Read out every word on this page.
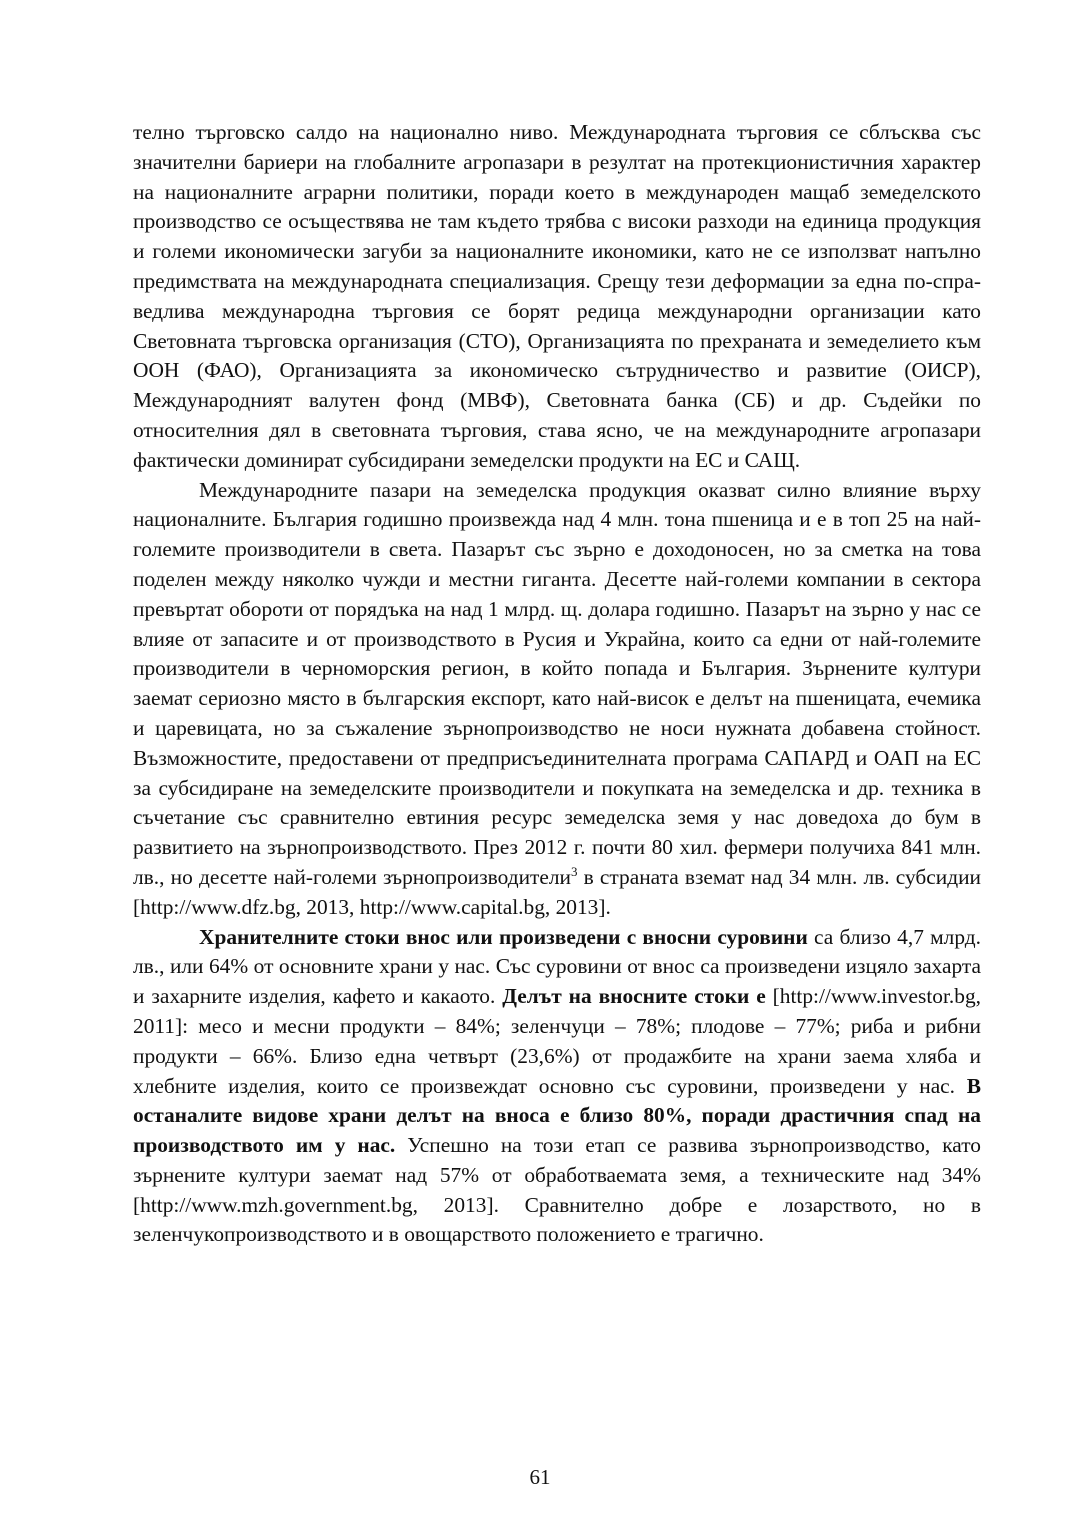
телно търговско салдо на национално ниво. Международната търговия се сблъсква със значителни бариери на глобалните агропазари в резултат на протекционистичния характер на националните аграрни политики, поради което в международен мащаб земеделското производство се осъществява не там където трябва с високи разходи на единица продукция и големи икономически загуби за националните икономики, като не се използват напълно предимствата на международната специализация. Срещу тези деформации за една по-справедлива международна търговия се борят редица международни организации като Световната търговска организация (СТО), Организацията по прехраната и земеделието към ООН (ФАО), Организацията за икономическо сътрудничество и развитие (ОИСР), Международният валутен фонд (МВФ), Световната банка (СБ) и др. Съдейки по относителния дял в световната търговия, става ясно, че на международните агропазари фактически доминират субсидирани земеделски продукти на ЕС и САЩ.

Международните пазари на земеделска продукция оказват силно влияние върху националните. България годишно произвежда над 4 млн. тона пшеница и е в топ 25 на най-големите производители в света. Пазарът със зърно е доходоносен, но за сметка на това поделен между няколко чужди и местни гиганта. Десетте най-големи компании в сектора превъртат обороти от порядъка на над 1 млрд. щ. долара годишно. Пазарът на зърно у нас се влияе от запасите и от производството в Русия и Украйна, които са едни от най-големите производители в черноморския регион, в който попада и България. Зърнените култури заемат сериозно място в българския експорт, като най-висок е делът на пшеницата, ечемика и царевицата, но за съжаление зърнопроизводство не носи нужната добавена стойност. Възможностите, предоставени от предприсъединителната програма САПАРД и ОАП на ЕС за субсидиране на земеделските производители и покупката на земеделска и др. техника в съчетание със сравнително евтиния ресурс земеделска земя у нас доведоха до бум в развитието на зърнопроизводството. През 2012 г. почти 80 хил. фермери получиха 841 млн. лв., но десетте най-големи зърнопроизводители$^3$ в страната вземат над 34 млн. лв. субсидии [http://www.dfz.bg, 2013, http://www.capital.bg, 2013].

Хранителните стоки внос или произведени с вносни суровини са близо 4,7 млрд. лв., или 64% от основните храни у нас. Със суровини от внос са произведени изцяло захарта и захарните изделия, кафето и какаото. Делът на вносните стоки е [http://www.investor.bg, 2011]: месо и месни продукти – 84%; зеленчуци – 78%; плодове – 77%; риба и рибни продукти – 66%. Близо една четвърт (23,6%) от продажбите на храни заема хляба и хлебните изделия, които се произвеждат основно със суровини, произведени у нас. В останалите видове храни делът на вноса е близо 80%, поради драстичния спад на производството им у нас. Успешно на този етап се развива зърнопроизводство, като зърнените култури заемат над 57% от обработваемата земя, а техническите над 34% [http://www.mzh.government.bg, 2013]. Сравнително добре е лозарството, но в зеленчукопроизводството и в овощарството положението е трагично.

61
